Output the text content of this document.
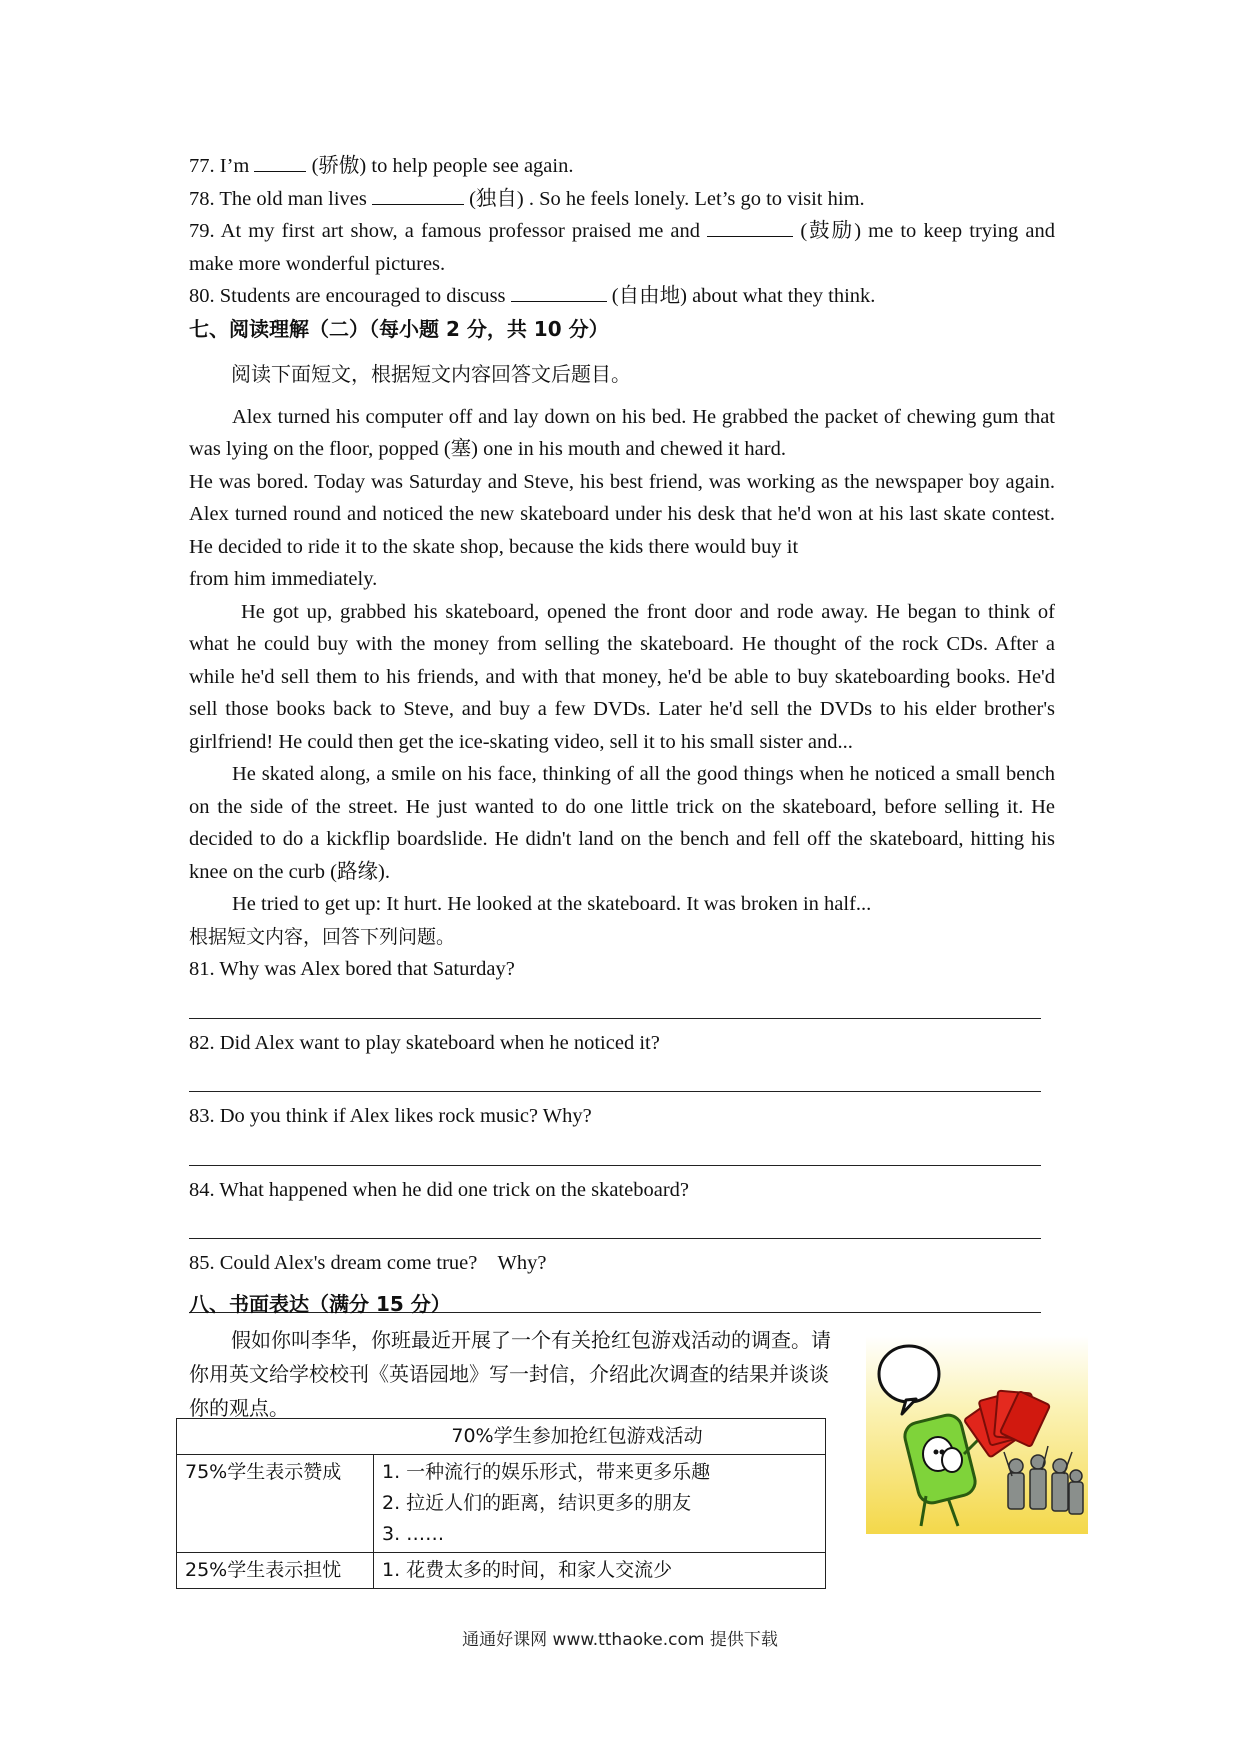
77. I’m	(骄傲) to help people see again.

78. The old man lives	(独自) . So he feels lonely. Let’s go to visit him.

79. At my first art show, a famous professor praised me and	(鼓励) me to keep trying and make more wonderful pictures.

80. Students are encouraged to discuss	(自由地) about what they think.

七、阅读理解（二）（每小题 2 分，共 10 分）

阅读下面短文，根据短文内容回答文后题目。

Alex turned his computer off and lay down on his bed. He grabbed the packet of chewing gum that was lying on the floor, popped (塞) one in his mouth and chewed it hard.

He was bored. Today was Saturday and Steve, his best friend, was working as the newspaper boy again. Alex turned round and noticed the new skateboard under his desk that he'd won at his last skate contest. He decided to ride it to the skate shop, because the kids there would buy it

from him immediately.

He got up, grabbed his skateboard, opened the front door and rode away. He began to think of what he could buy with the money from selling the skateboard. He thought of the rock CDs. After a while he'd sell them to his friends, and with that money, he'd be able to buy skateboarding books. He'd sell those books back to Steve, and buy a few DVDs. Later he'd sell the DVDs to his elder brother's girlfriend! He could then get the ice-skating video, sell it to his small sister and...

He skated along, a smile on his face, thinking of all the good things when he noticed a small bench on the side of the street. He just wanted to do one little trick on the skateboard, before selling it. He decided to do a kickflip boardslide. He didn't land on the bench and fell off the skateboard, hitting his knee on the curb (路缘).

He tried to get up: It hurt. He looked at the skateboard. It was broken in half...

根据短文内容，回答下列问题。

81. Why was Alex bored that Saturday?

82. Did Alex want to play skateboard when he noticed it?

83. Do you think if Alex likes rock music? Why?

84. What happened when he did one trick on the skateboard?

85. Could Alex's dream come true?    Why?

八、书面表达（满分 15 分）

假如你叫李华，你班最近开展了一个有关抢红包游戏活动的调查。请你用英文给学校校刊《英语园地》写一封信，介绍此次调查的结果并谈谈你的观点。

70%学生参加抢红包游戏活动	
75%学生表示赞成	1. 一种流行的娱乐形式，带来更多乐趣
2. 拉近人们的距离，结识更多的朋友
3. ……

25%学生表示担忧	1. 花费太多的时间，和家人交流少
通通好课网 www.tthaoke.com 提供下载
